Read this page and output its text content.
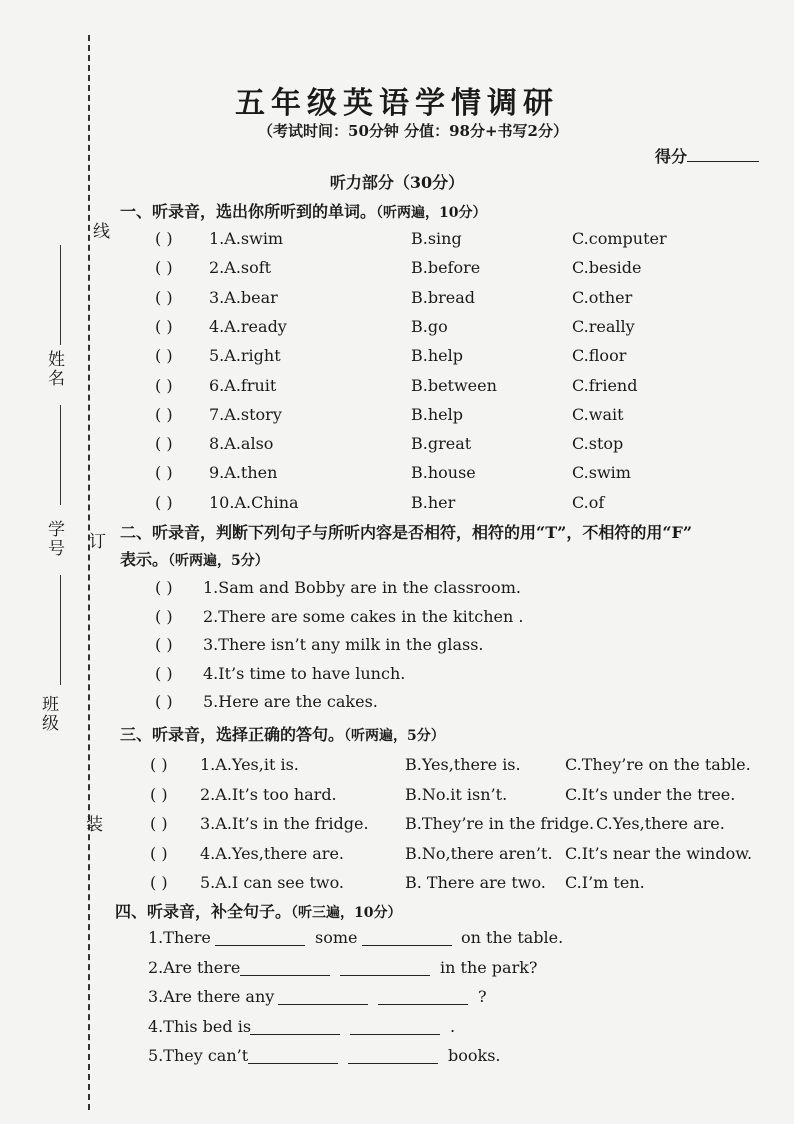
线
姓名
学号 订
班级
装
五年级英语学情调研
（考试时间：50分钟 分值：98分+书写2分）
得分
听力部分（30分）
一、听录音，选出你所听到的单词。（听两遍，10分）
( ) 1.A.swim	B.sing	C.computer
( ) 2.A.soft	B.before	C.beside
( ) 3.A.bear	B.bread	C.other
( ) 4.A.ready	B.go	C.really
( ) 5.A.right	B.help	C.floor
( ) 6.A.fruit	B.between	C.friend
( ) 7.A.story	B.help	C.wait
( ) 8.A.also	B.great	C.stop
( ) 9.A.then	B.house	C.swim
( ) 10.A.China	B.her	C.of
二、听录音，判断下列句子与所听内容是否相符，相符的用“T”，不相符的用“F”
表示。（听两遍，5分）
( ) 1.Sam and Bobby are in the classroom.
( ) 2.There are some cakes in the kitchen .
( ) 3.There isn’t any milk in the glass.
( ) 4.It’s time to have lunch.
( ) 5.Here are the cakes.
三、听录音，选择正确的答句。（听两遍，5分）
( ) 1.A.Yes,it is.	B.Yes,there is.	C.They’re on the table.
( ) 2.A.It’s too hard.	B.No.it isn’t.	C.It’s under the tree.
( ) 3.A.It’s in the fridge. B.They’re in the fridge. C.Yes,there are.
( ) 4.A.Yes,there are.	B.No,there aren’t. C.It’s near the window.
( ) 5.A.I can see two.	B. There are two. C.I’m ten.
四、听录音，补全句子。（听三遍，10分）
1.There	some	on the table.
2.Are there	in the park?
3.Are there any	?
4.This bed is	.
5.They can’t	books.
